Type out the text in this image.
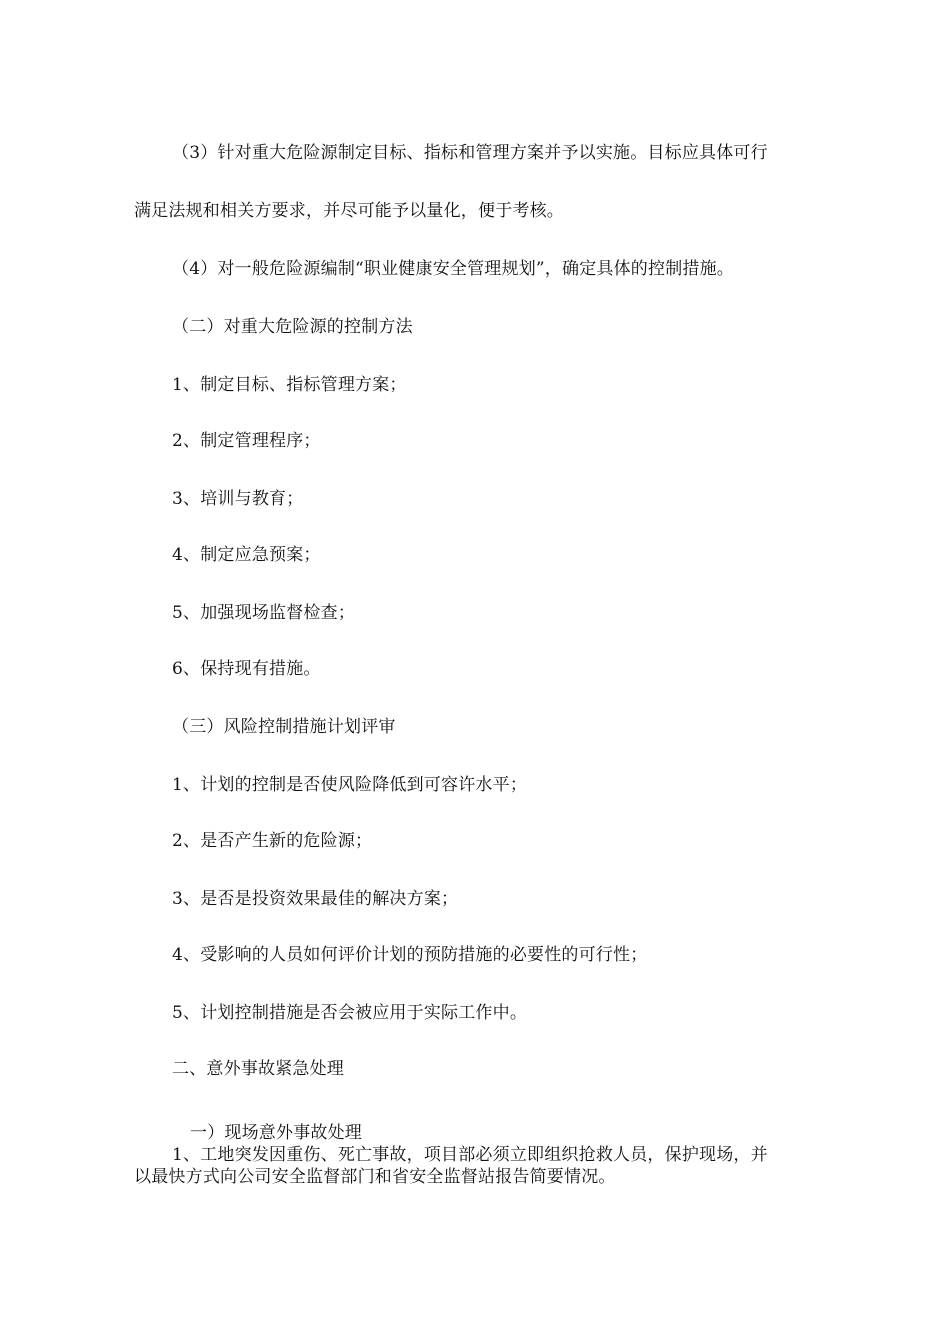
（3）针对重大危险源制定目标、指标和管理方案并予以实施。目标应具体可行
满足法规和相关方要求，并尽可能予以量化，便于考核。
（4）对一般危险源编制“职业健康安全管理规划”，确定具体的控制措施。
（二）对重大危险源的控制方法
1、制定目标、指标管理方案；
2、制定管理程序；
3、培训与教育；
4、制定应急预案；
5、加强现场监督检查；
6、保持现有措施。
（三）风险控制措施计划评审
1、计划的控制是否使风险降低到可容许水平；
2、是否产生新的危险源；
3、是否是投资效果最佳的解决方案；
4、受影响的人员如何评价计划的预防措施的必要性的可行性；
5、计划控制措施是否会被应用于实际工作中。
二、意外事故紧急处理
一）现场意外事故处理
1、工地突发因重伤、死亡事故，项目部必须立即组织抢救人员，保护现场，并
以最快方式向公司安全监督部门和省安全监督站报告简要情况。
